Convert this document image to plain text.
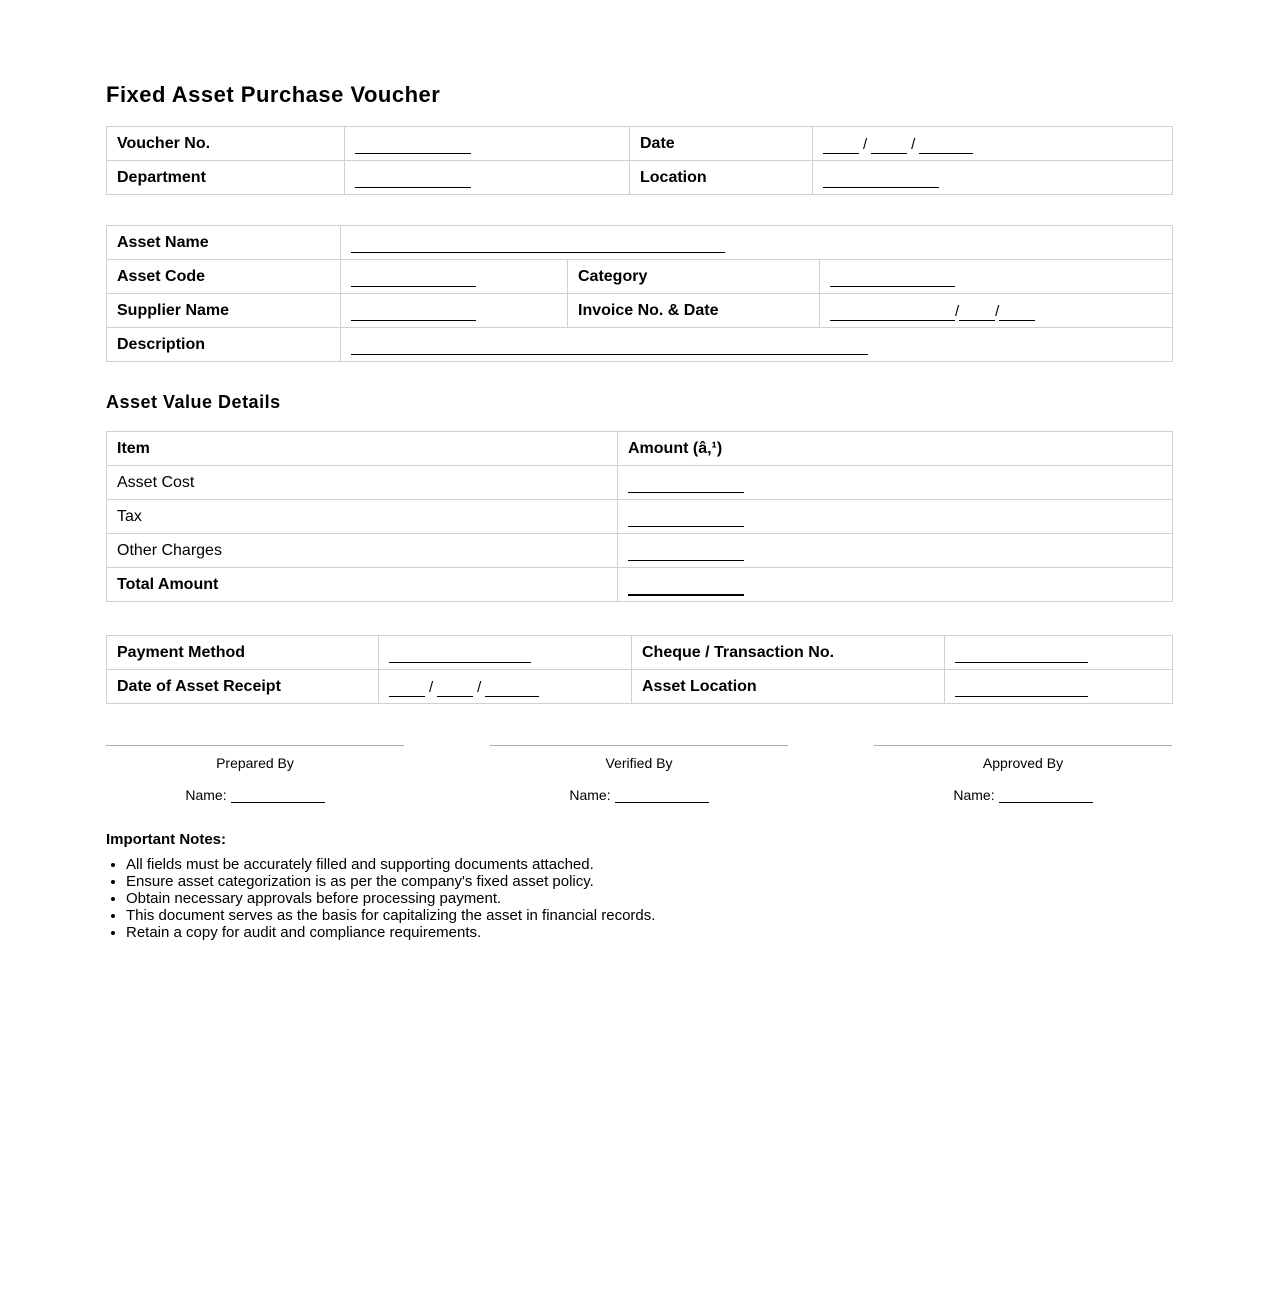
Fixed Asset Purchase Voucher
Voucher No.		Date	/ /
Department		Location	
Asset Name			
Asset Code		Category	
Supplier Name		Invoice No. & Date	/ /
Description			
Asset Value Details
Item	Amount (â‚¹)
Asset Cost	
Tax	
Other Charges	
Total Amount	
Payment Method		Cheque / Transaction No.	
Date of Asset Receipt	/ /	Asset Location	
Prepared By
Name:
Verified By
Name:
Approved By
Name:
Important Notes:
• All fields must be accurately filled and supporting documents attached.
• Ensure asset categorization is as per the company's fixed asset policy.
• Obtain necessary approvals before processing payment.
• This document serves as the basis for capitalizing the asset in financial records.
• Retain a copy for audit and compliance requirements.
